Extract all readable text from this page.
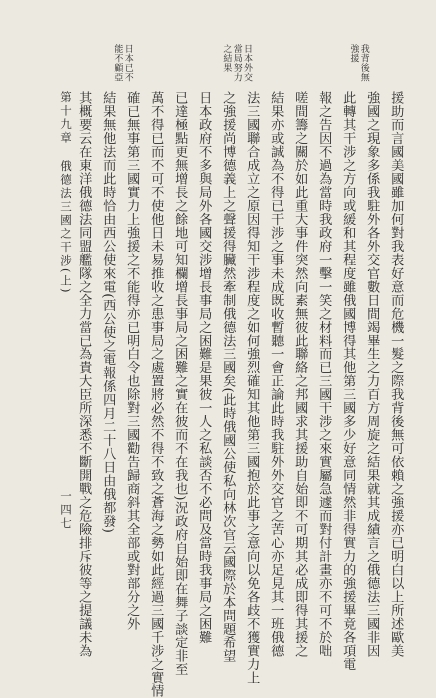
日本已不能不顧亞	日本外交當局努力之結果	我背後無強援
援助而言國美國雖加何對我表好意而危機一髮之際我背後無可依賴之強援亦已明白以上所述歐美
強國之現象多係我駐外各外交官數日間竭畢生之力百方周旋之結果就其成績言之俄德法三國非因
此轉其干涉之方向或緩和其程度雖俄國博得其他第三國多少好意同情然非得實力的強援畢竟各項電
報之告因不過為當時我政府一擊一笑之材料而已三國干涉之來實屬急遽而對付計畫亦不可不於咄
嗟間籌之關於如此重大事件突然向素無彼此聯絡之邦國求其援助自始即不可期其必成即得其援之
結果亦或誠為不得已干涉之事未成既收暫聽一會正論此時我駐外外交官之苦心亦足見其一班俄德
法三國聯合成立之原因得知干涉程度之如何強烈確知其他第三國抱於此事之意向以免各歧不獲實力上
之強援尚博德義上之聲援得臟然牽制俄德法三國矣(此時俄國公使私向林次官云國際於本問題希望
日本政府不多與局外各國交涉增長事局之困難是果彼一人之私談否不必問及當時我事局之困難
已達極點更無增長之餘地可知欄增長事局之困難之實在彼而不在我也)況政府自始即在舞子談定非至
萬不得已而不可不使他日未易推收之患事局之處置將必然不得不致之蒼海之勢如此經過三國千涉之實情
確已無事第三國實力上強援之不能得亦已明白令也除對三國勸告歸商斜其全部或對部分之外
結果無他法而此時恰由西公使來電(西公使之電報係四月二十八日由俄都發)
其概要云在東洋俄德法同盟艦隊之全力當已為貴大臣所深悉不斷開戰之危險排斥彼等之提議未為
第十九章
俄德法三國之干涉(上)
一四七
